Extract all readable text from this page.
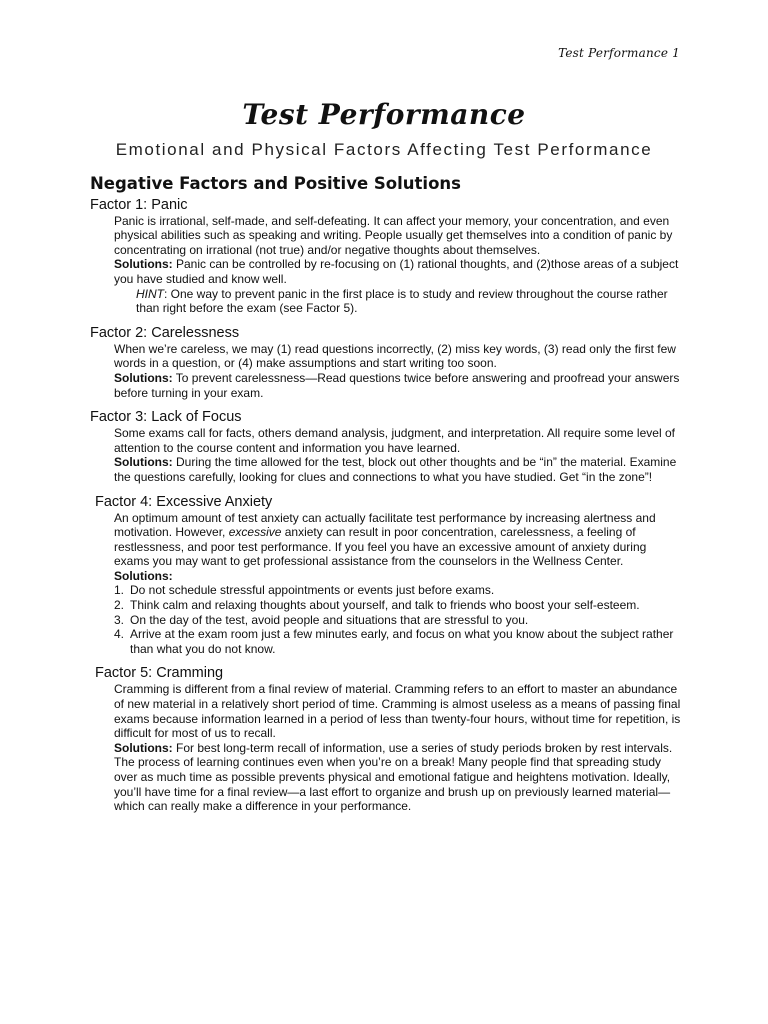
Test Performance 1
Test Performance
Emotional and Physical Factors Affecting Test Performance
Negative Factors and Positive Solutions
Factor 1: Panic

Panic is irrational, self-made, and self-defeating. It can affect your memory, your concentration, and even physical abilities such as speaking and writing. People usually get themselves into a condition of panic by concentrating on irrational (not true) and/or negative thoughts about themselves.

Solutions: Panic can be controlled by re-focusing on (1) rational thoughts, and (2)those areas of a subject you have studied and know well.

HINT: One way to prevent panic in the first place is to study and review throughout the course rather than right before the exam (see Factor 5).

Factor 2: Carelessness

When we’re careless, we may (1) read questions incorrectly, (2) miss key words, (3) read only the first few words in a question, or (4) make assumptions and start writing too soon.

Solutions: To prevent carelessness—Read questions twice before answering and proofread your answers before turning in your exam.

Factor 3: Lack of Focus

Some exams call for facts, others demand analysis, judgment, and interpretation. All require some level of attention to the course content and information you have learned.

Solutions: During the time allowed for the test, block out other thoughts and be “in” the material. Examine the questions carefully, looking for clues and connections to what you have studied. Get “in the zone”!

Factor 4: Excessive Anxiety

An optimum amount of test anxiety can actually facilitate test performance by increasing alertness and motivation. However, excessive anxiety can result in poor concentration, carelessness, a feeling of restlessness, and poor test performance. If you feel you have an excessive amount of anxiety during exams you may want to get professional assistance from the counselors in the Wellness Center.

Solutions:

1. Do not schedule stressful appointments or events just before exams.
2. Think calm and relaxing thoughts about yourself, and talk to friends who boost your self-esteem.
3. On the day of the test, avoid people and situations that are stressful to you.
4. Arrive at the exam room just a few minutes early, and focus on what you know about the subject rather than what you do not know.
Factor 5: Cramming

Cramming is different from a final review of material. Cramming refers to an effort to master an abundance of new material in a relatively short period of time. Cramming is almost useless as a means of passing final exams because information learned in a period of less than twenty-four hours, without time for repetition, is difficult for most of us to recall.

Solutions: For best long-term recall of information, use a series of study periods broken by rest intervals. The process of learning continues even when you’re on a break! Many people find that spreading study over as much time as possible prevents physical and emotional fatigue and heightens motivation. Ideally, you’ll have time for a final review—a last effort to organize and brush up on previously learned material—which can really make a difference in your performance.
